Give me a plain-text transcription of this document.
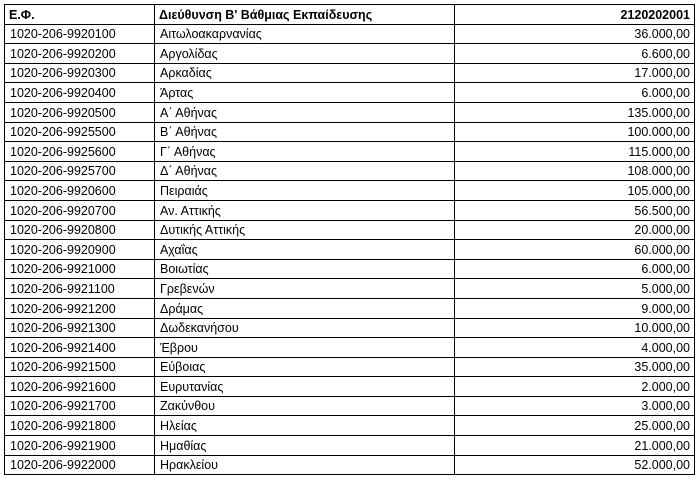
Ε.Φ.	Διεύθυνση Β' Βάθμιας Εκπαίδευσης	2120202001
1020-206-9920100	Αιτωλοακαρνανίας	36.000,00
1020-206-9920200	Αργολίδας	6.600,00
1020-206-9920300	Αρκαδίας	17.000,00
1020-206-9920400	Άρτας	6.000,00
1020-206-9920500	Α΄ Αθήνας	135.000,00
1020-206-9925500	Β΄ Αθήνας	100.000,00
1020-206-9925600	Γ΄ Αθήνας	115.000,00
1020-206-9925700	Δ΄ Αθήνας	108.000,00
1020-206-9920600	Πειραιάς	105.000,00
1020-206-9920700	Αν. Αττικής	56.500,00
1020-206-9920800	Δυτικής Αττικής	20.000,00
1020-206-9920900	Αχαΐας	60.000,00
1020-206-9921000	Βοιωτίας	6.000,00
1020-206-9921100	Γρεβενών	5.000,00
1020-206-9921200	Δράμας	9.000,00
1020-206-9921300	Δωδεκανήσου	10.000,00
1020-206-9921400	Έβρου	4.000,00
1020-206-9921500	Εύβοιας	35.000,00
1020-206-9921600	Ευρυτανίας	2.000,00
1020-206-9921700	Ζακύνθου	3.000,00
1020-206-9921800	Ηλείας	25.000,00
1020-206-9921900	Ημαθίας	21.000,00
1020-206-9922000	Ηρακλείου	52.000,00
